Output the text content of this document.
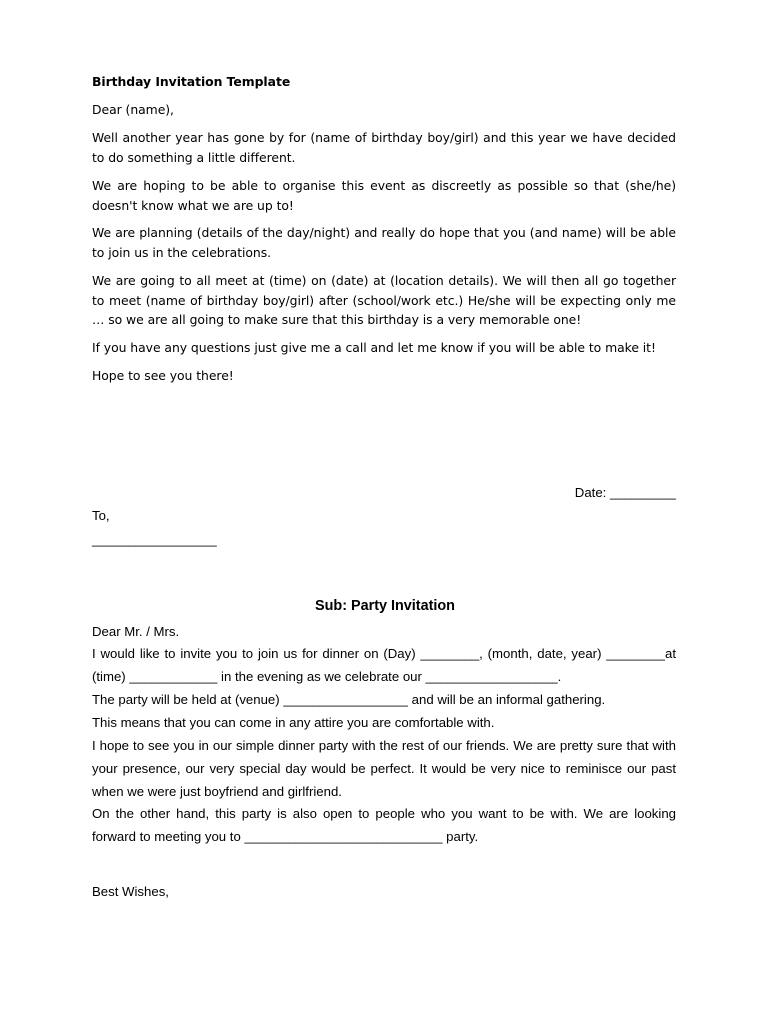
Birthday Invitation Template

Dear (name),

Well another year has gone by for (name of birthday boy/girl) and this year we have decided to do something a little different.

We are hoping to be able to organise this event as discreetly as possible so that (she/he) doesn't know what we are up to!

We are planning (details of the day/night) and really do hope that you (and name) will be able to join us in the celebrations.

We are going to all meet at (time) on (date) at (location details). We will then all go together to meet (name of birthday boy/girl) after (school/work etc.) He/she will be expecting only me … so we are all going to make sure that this birthday is a very memorable one!

If you have any questions just give me a call and let me know if you will be able to make it!

Hope to see you there!

Date: _________

To,

_________________

Sub: Party Invitation

Dear Mr. / Mrs.

I would like to invite you to join us for dinner on (Day) ________, (month, date, year) ________at (time) ____________ in the evening as we celebrate our __________________.

The party will be held at (venue) _________________ and will be an informal gathering.

This means that you can come in any attire you are comfortable with.

I hope to see you in our simple dinner party with the rest of our friends. We are pretty sure that with your presence, our very special day would be perfect. It would be very nice to reminisce our past when we were just boyfriend and girlfriend.

On the other hand, this party is also open to people who you want to be with. We are looking forward to meeting you to ___________________________ party.

Best Wishes,
